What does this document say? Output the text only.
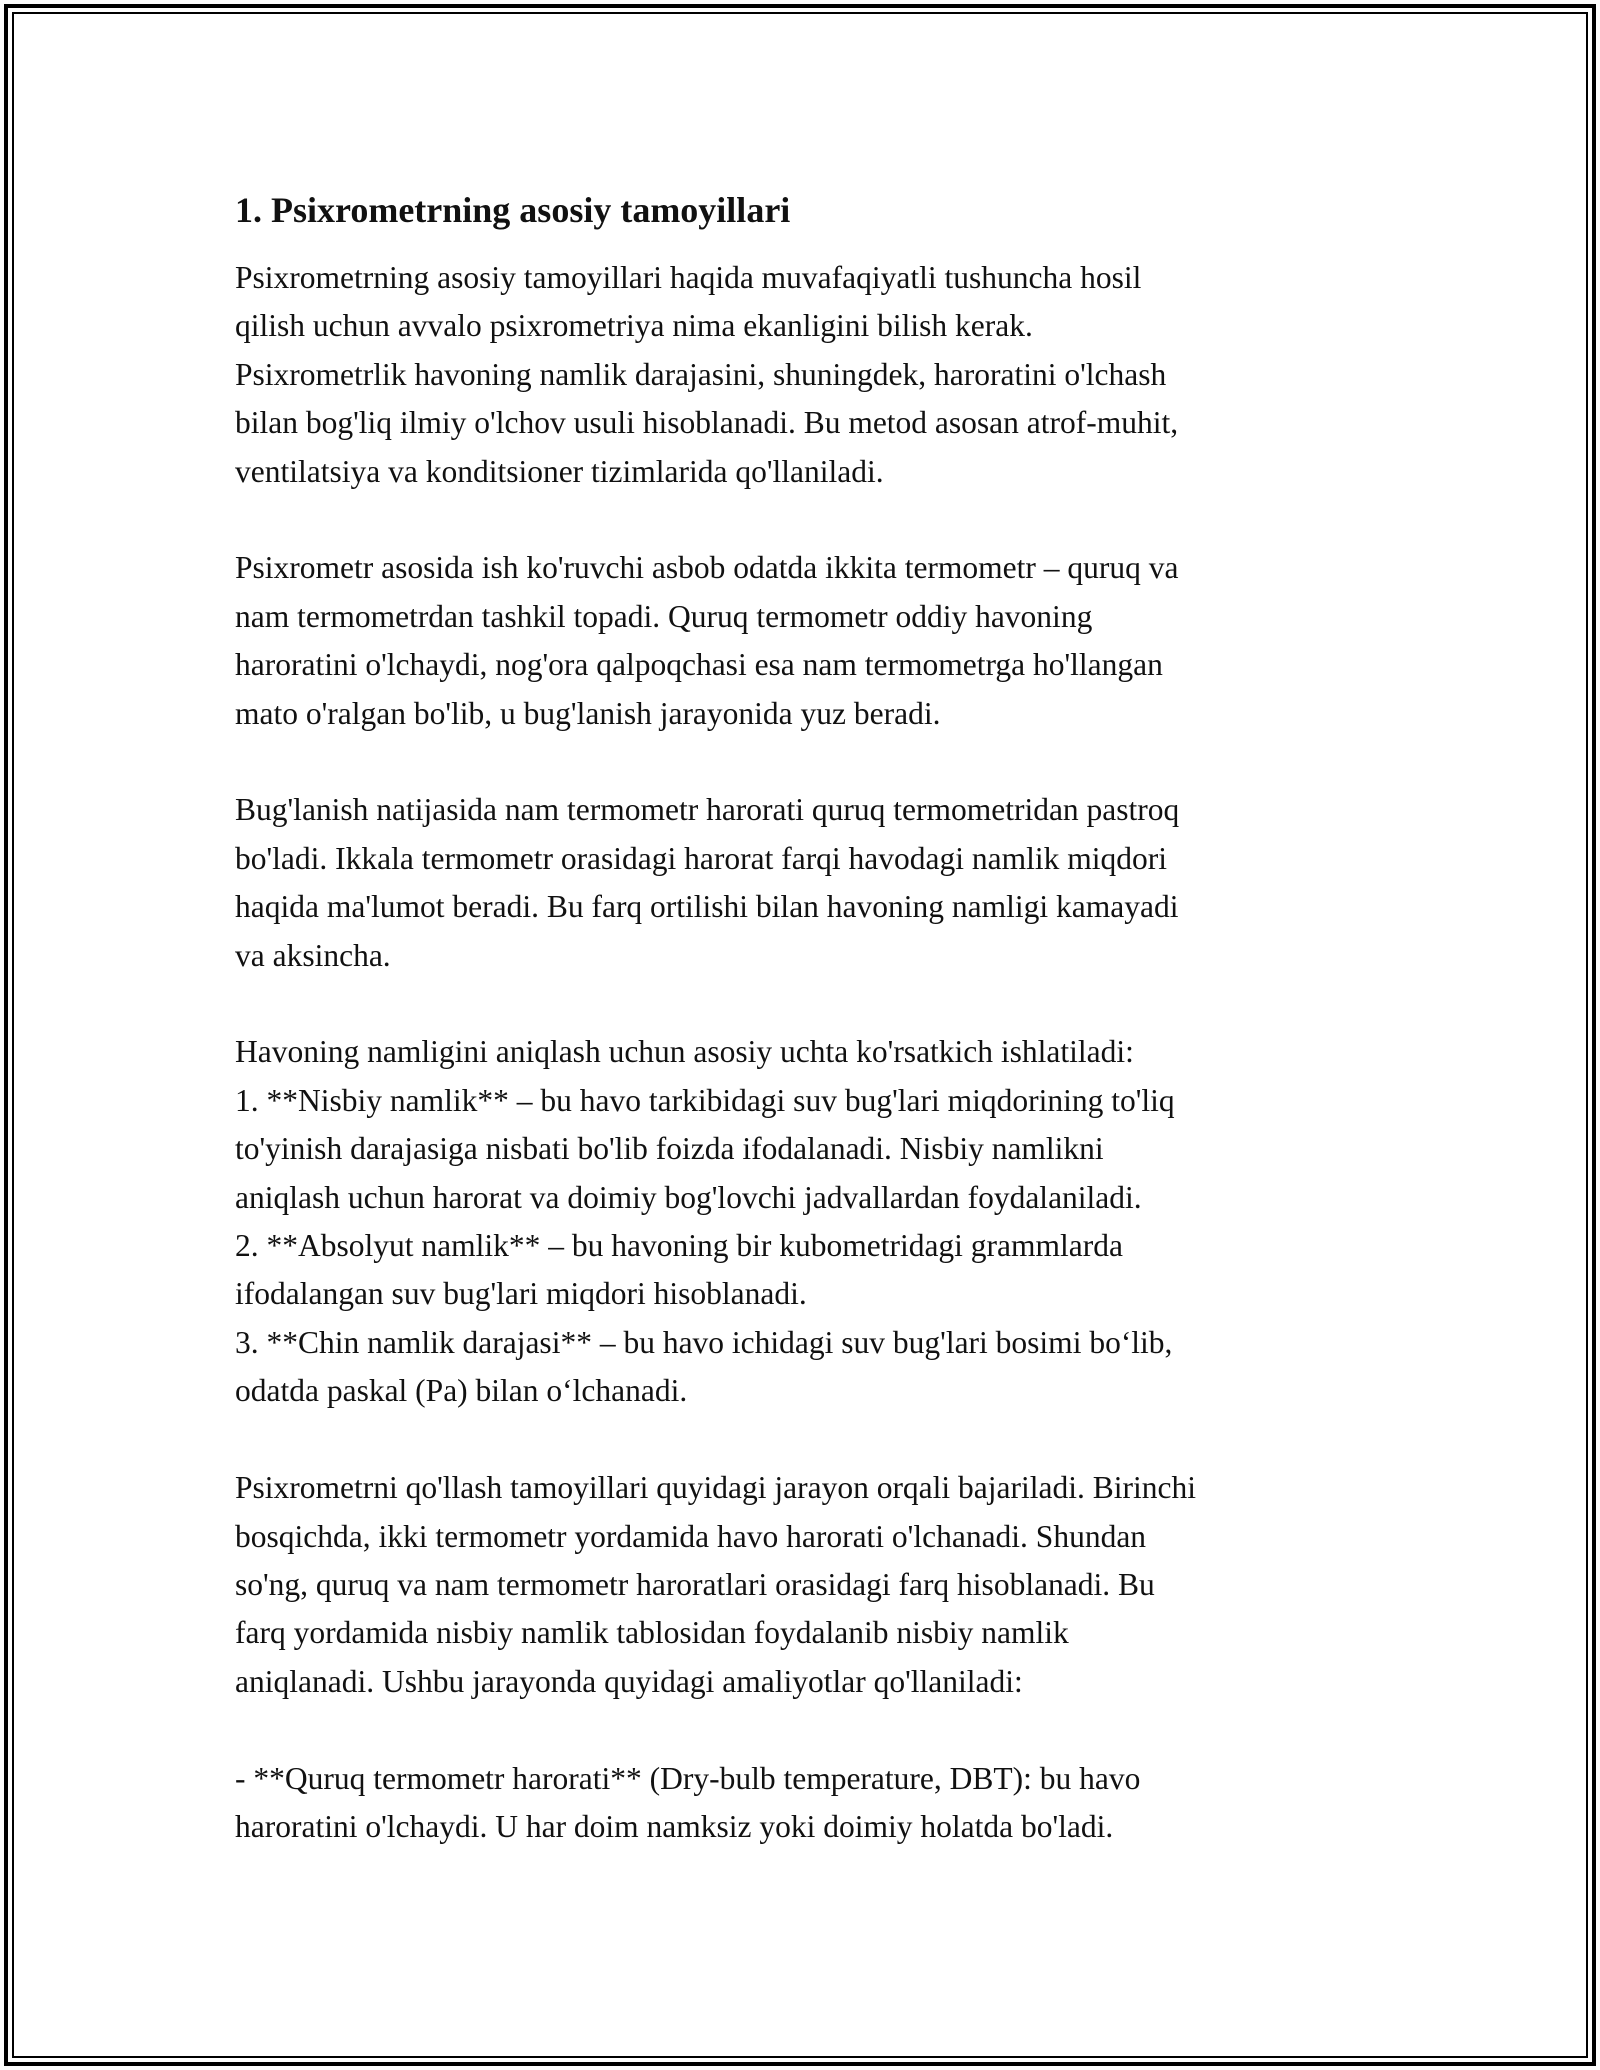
1. Psixrometrning asosiy tamoyillari

Psixrometrning asosiy tamoyillari haqida muvafaqiyatli tushuncha hosil
qilish uchun avvalo psixrometriya nima ekanligini bilish kerak.
Psixrometrlik havoning namlik darajasini, shuningdek, haroratini o'lchash
bilan bog'liq ilmiy o'lchov usuli hisoblanadi. Bu metod asosan atrof-muhit,
ventilatsiya va konditsioner tizimlarida qo'llaniladi.

Psixrometr asosida ish ko'ruvchi asbob odatda ikkita termometr – quruq va
nam termometrdan tashkil topadi. Quruq termometr oddiy havoning
haroratini o'lchaydi, nog'ora qalpoqchasi esa nam termometrga ho'llangan
mato o'ralgan bo'lib, u bug'lanish jarayonida yuz beradi.

Bug'lanish natijasida nam termometr harorati quruq termometridan pastroq
bo'ladi. Ikkala termometr orasidagi harorat farqi havodagi namlik miqdori
haqida ma'lumot beradi. Bu farq ortilishi bilan havoning namligi kamayadi
va aksincha.

Havoning namligini aniqlash uchun asosiy uchta ko'rsatkich ishlatiladi:
1. **Nisbiy namlik** – bu havo tarkibidagi suv bug'lari miqdorining to'liq
to'yinish darajasiga nisbati bo'lib foizda ifodalanadi. Nisbiy namlikni
aniqlash uchun harorat va doimiy bog'lovchi jadvallardan foydalaniladi.
2. **Absolyut namlik** – bu havoning bir kubometridagi grammlarda
ifodalangan suv bug'lari miqdori hisoblanadi.
3. **Chin namlik darajasi** – bu havo ichidagi suv bug'lari bosimi bo‘lib,
odatda paskal (Pa) bilan o‘lchanadi.

Psixrometrni qo'llash tamoyillari quyidagi jarayon orqali bajariladi. Birinchi
bosqichda, ikki termometr yordamida havo harorati o'lchanadi. Shundan
so'ng, quruq va nam termometr haroratlari orasidagi farq hisoblanadi. Bu
farq yordamida nisbiy namlik tablosidan foydalanib nisbiy namlik
aniqlanadi. Ushbu jarayonda quyidagi amaliyotlar qo'llaniladi:

- **Quruq termometr harorati** (Dry-bulb temperature, DBT): bu havo
haroratini o'lchaydi. U har doim namksiz yoki doimiy holatda bo'ladi.
